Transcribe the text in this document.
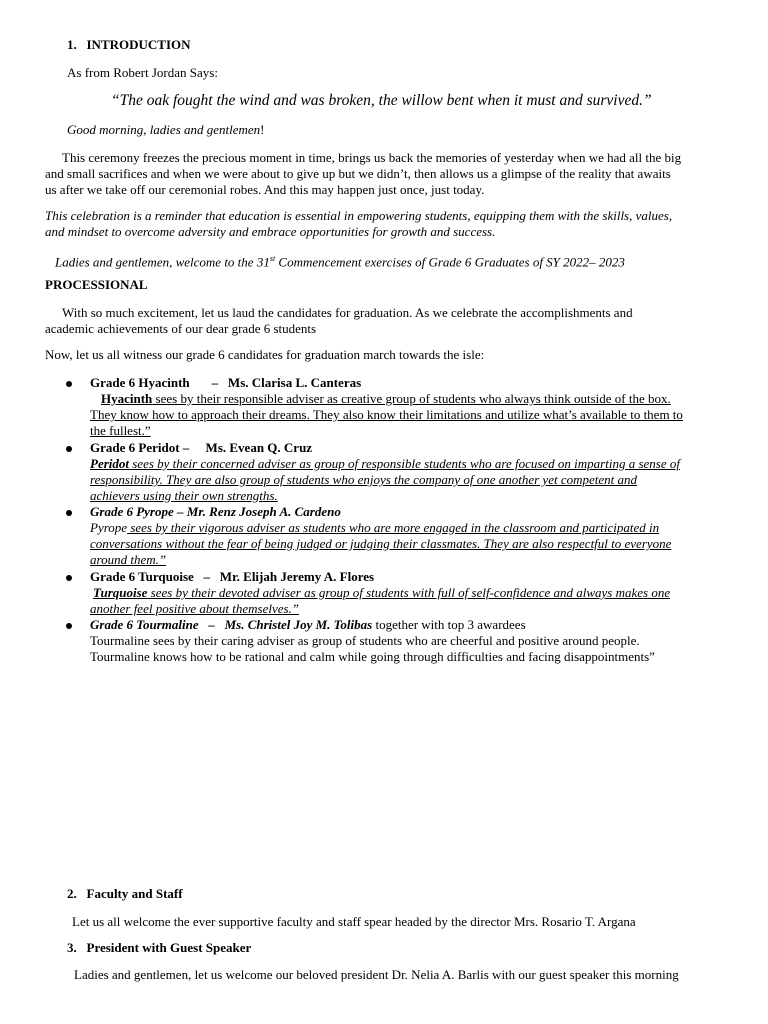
1. INTRODUCTION
As from Robert Jordan Says:
“The oak fought the wind and was broken, the willow bent when it must and survived.”
Good morning, ladies and gentlemen!
This ceremony freezes the precious moment in time, brings us back the memories of yesterday when we had all the big
and small sacrifices and when we were about to give up but we didn’t, then allows us a glimpse of the reality that awaits
us after we take off our ceremonial robes. And this may happen just once, just today.
This celebration is a reminder that education is essential in empowering students, equipping them with the skills, values,
and mindset to overcome adversity and embrace opportunities for growth and success.
Ladies and gentlemen, welcome to the 31st Commencement exercises of Grade 6 Graduates of SY 2022– 2023
PROCESSIONAL
With so much excitement, let us laud the candidates for graduation. As we celebrate the accomplishments and
academic achievements of our dear grade 6 students
Now, let us all witness our grade 6 candidates for graduation march towards the isle:
Grade 6 Hyacinth – Ms. Clarisa L. Canteras
Hyacinth sees by their responsible adviser as creative group of students who always think outside of the box.
They know how to approach their dreams. They also know their limitations and utilize what’s available to them to
the fullest.”
Grade 6 Peridot – Ms. Evean Q. Cruz
Peridot sees by their concerned adviser as group of responsible students who are focused on imparting a sense of
responsibility. They are also group of students who enjoys the company of one another yet competent and
achievers using their own strengths.
Grade 6 Pyrope – Mr. Renz Joseph A. Cardeno
Pyrope sees by their vigorous adviser as students who are more engaged in the classroom and participated in
conversations without the fear of being judged or judging their classmates. They are also respectful to everyone
around them.”
Grade 6 Turquoise – Mr. Elijah Jeremy A. Flores
Turquoise sees by their devoted adviser as group of students with full of self-confidence and always makes one
another feel positive about themselves.”
Grade 6 Tourmaline – Ms. Christel Joy M. Tolibas together with top 3 awardees
Tourmaline sees by their caring adviser as group of students who are cheerful and positive around people.
Tourmaline knows how to be rational and calm while going through difficulties and facing disappointments”
2. Faculty and Staff
Let us all welcome the ever supportive faculty and staff spear headed by the director Mrs. Rosario T. Argana
3. President with Guest Speaker
Ladies and gentlemen, let us welcome our beloved president Dr. Nelia A. Barlis with our guest speaker this morning
